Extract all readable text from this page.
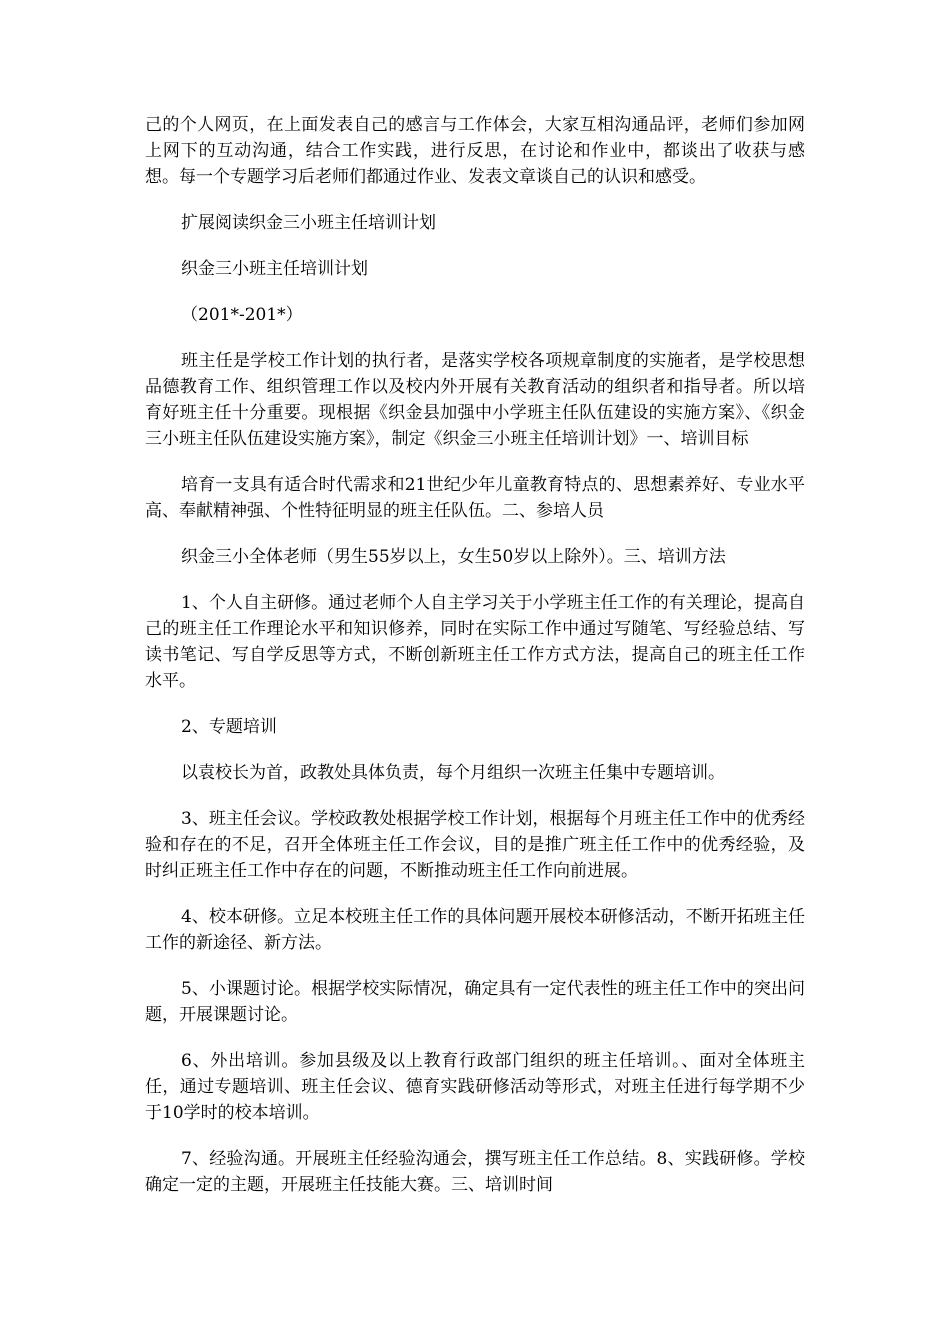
己的个人网页，在上面发表自己的感言与工作体会，大家互相沟通品评，老师们参加网上网下的互动沟通，结合工作实践，进行反思，在讨论和作业中，都谈出了收获与感想。每一个专题学习后老师们都通过作业、发表文章谈自己的认识和感受。

扩展阅读织金三小班主任培训计划

织金三小班主任培训计划

（201*-201*）

班主任是学校工作计划的执行者，是落实学校各项规章制度的实施者，是学校思想品德教育工作、组织管理工作以及校内外开展有关教育活动的组织者和指导者。所以培育好班主任十分重要。现根据《织金县加强中小学班主任队伍建设的实施方案》、《织金三小班主任队伍建设实施方案》，制定《织金三小班主任培训计划》一、培训目标

培育一支具有适合时代需求和21世纪少年儿童教育特点的、思想素养好、专业水平高、奉献精神强、个性特征明显的班主任队伍。二、参培人员

织金三小全体老师（男生55岁以上，女生50岁以上除外）。三、培训方法

1、个人自主研修。通过老师个人自主学习关于小学班主任工作的有关理论，提高自己的班主任工作理论水平和知识修养，同时在实际工作中通过写随笔、写经验总结、写读书笔记、写自学反思等方式，不断创新班主任工作方式方法，提高自己的班主任工作水平。

2、专题培训

以袁校长为首，政教处具体负责，每个月组织一次班主任集中专题培训。

3、班主任会议。学校政教处根据学校工作计划，根据每个月班主任工作中的优秀经验和存在的不足，召开全体班主任工作会议，目的是推广班主任工作中的优秀经验，及时纠正班主任工作中存在的问题，不断推动班主任工作向前进展。

4、校本研修。立足本校班主任工作的具体问题开展校本研修活动，不断开拓班主任工作的新途径、新方法。

5、小课题讨论。根据学校实际情况，确定具有一定代表性的班主任工作中的突出问题，开展课题讨论。

6、外出培训。参加县级及以上教育行政部门组织的班主任培训。、面对全体班主任，通过专题培训、班主任会议、德育实践研修活动等形式，对班主任进行每学期不少于10学时的校本培训。

7、经验沟通。开展班主任经验沟通会，撰写班主任工作总结。8、实践研修。学校确定一定的主题，开展班主任技能大赛。三、培训时间
